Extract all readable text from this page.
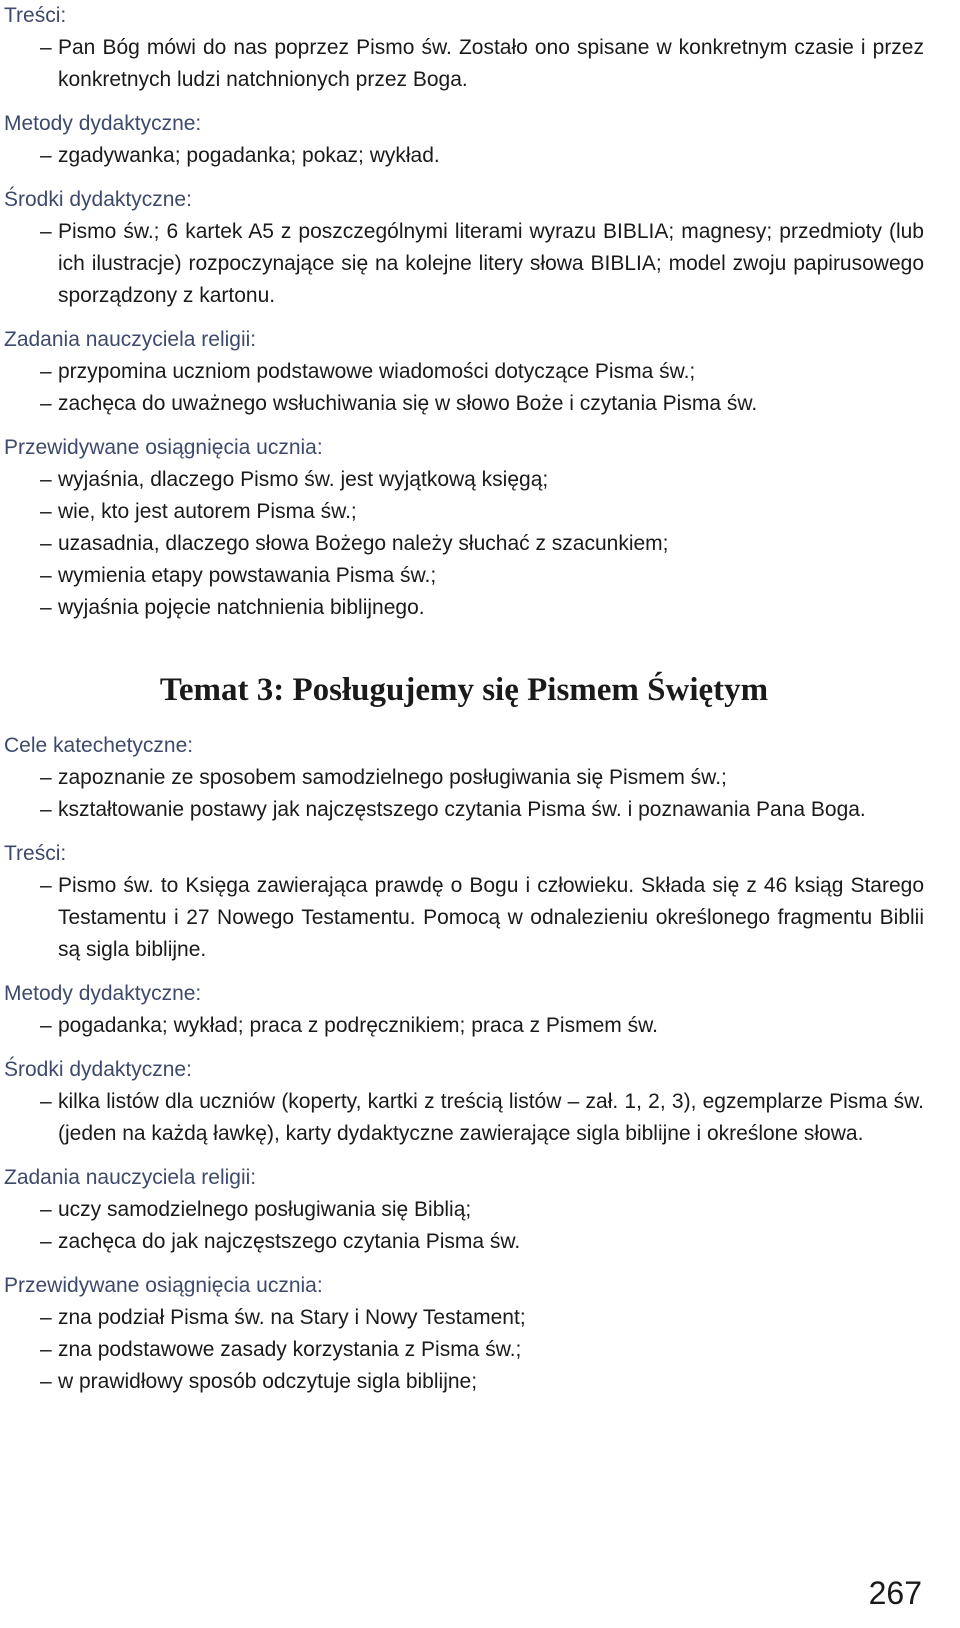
Treści:
– Pan Bóg mówi do nas poprzez Pismo św. Zostało ono spisane w konkretnym czasie i przez konkretnych ludzi natchnionych przez Boga.
Metody dydaktyczne:
– zgadywanka; pogadanka; pokaz; wykład.
Środki dydaktyczne:
– Pismo św.; 6 kartek A5 z poszczególnymi literami wyrazu BIBLIA; magnesy; przedmioty (lub ich ilustracje) rozpoczynające się na kolejne litery słowa BIBLIA; model zwoju papirusowego sporządzony z kartonu.
Zadania nauczyciela religii:
– przypomina uczniom podstawowe wiadomości dotyczące Pisma św.;
– zachęca do uważnego wsłuchiwania się w słowo Boże i czytania Pisma św.
Przewidywane osiągnięcia ucznia:
– wyjaśnia, dlaczego Pismo św. jest wyjątkową księgą;
– wie, kto jest autorem Pisma św.;
– uzasadnia, dlaczego słowa Bożego należy słuchać z szacunkiem;
– wymienia etapy powstawania Pisma św.;
– wyjaśnia pojęcie natchnienia biblijnego.
Temat 3: Posługujemy się Pismem Świętym
Cele katechetyczne:
– zapoznanie ze sposobem samodzielnego posługiwania się Pismem św.;
– kształtowanie postawy jak najczęstszego czytania Pisma św. i poznawania Pana Boga.
Treści:
– Pismo św. to Księga zawierająca prawdę o Bogu i człowieku. Składa się z 46 ksiąg Starego Testamentu i 27 Nowego Testamentu. Pomocą w odnalezieniu określonego fragmentu Biblii są sigla biblijne.
Metody dydaktyczne:
– pogadanka; wykład; praca z podręcznikiem; praca z Pismem św.
Środki dydaktyczne:
– kilka listów dla uczniów (koperty, kartki z treścią listów – zał. 1, 2, 3), egzemplarze Pisma św. (jeden na każdą ławkę), karty dydaktyczne zawierające sigla biblijne i określone słowa.
Zadania nauczyciela religii:
– uczy samodzielnego posługiwania się Biblią;
– zachęca do jak najczęstszego czytania Pisma św.
Przewidywane osiągnięcia ucznia:
– zna podział Pisma św. na Stary i Nowy Testament;
– zna podstawowe zasady korzystania z Pisma św.;
– w prawidłowy sposób odczytuje sigla biblijne;
267
